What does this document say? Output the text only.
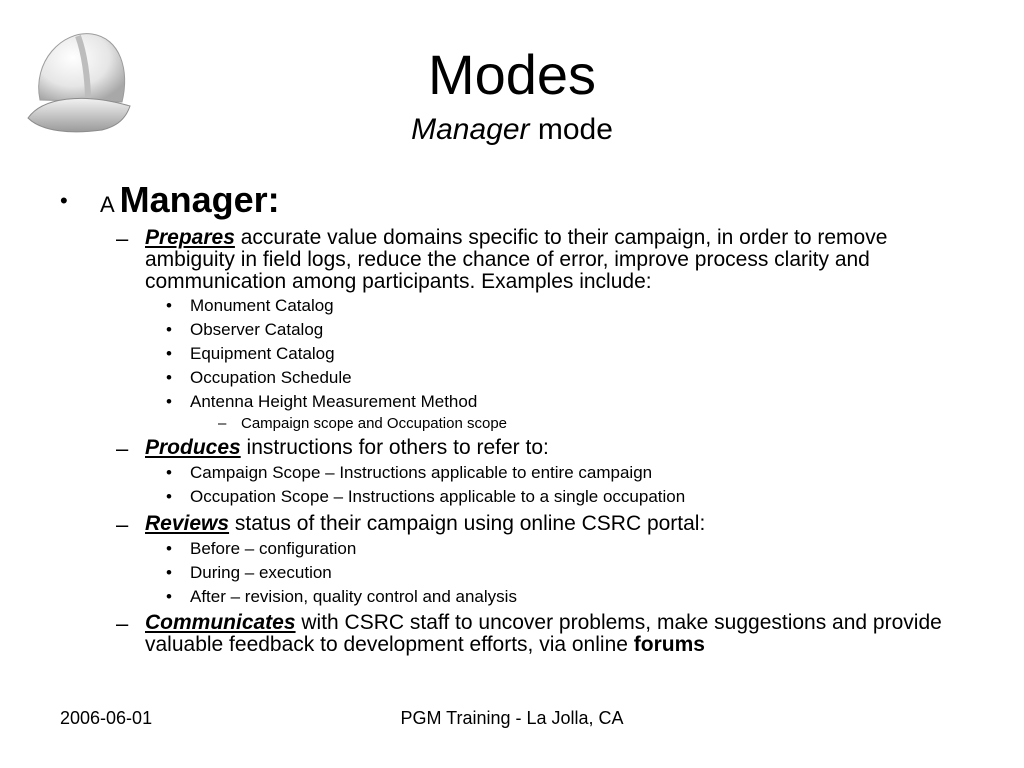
Modes
Manager mode
• A Manager:
– Prepares accurate value domains specific to their campaign, in order to remove ambiguity in field logs, reduce the chance of error, improve process clarity and communication among participants. Examples include:
• Monument Catalog
• Observer Catalog
• Equipment Catalog
• Occupation Schedule
• Antenna Height Measurement Method
– Campaign scope and Occupation scope
– Produces instructions for others to refer to:
• Campaign Scope – Instructions applicable to entire campaign
• Occupation Scope – Instructions applicable to a single occupation
– Reviews status of their campaign using online CSRC portal:
• Before – configuration
• During – execution
• After – revision, quality control and analysis
– Communicates with CSRC staff to uncover problems, make suggestions and provide valuable feedback to development efforts, via online forums
2006-06-01	PGM Training - La Jolla, CA
